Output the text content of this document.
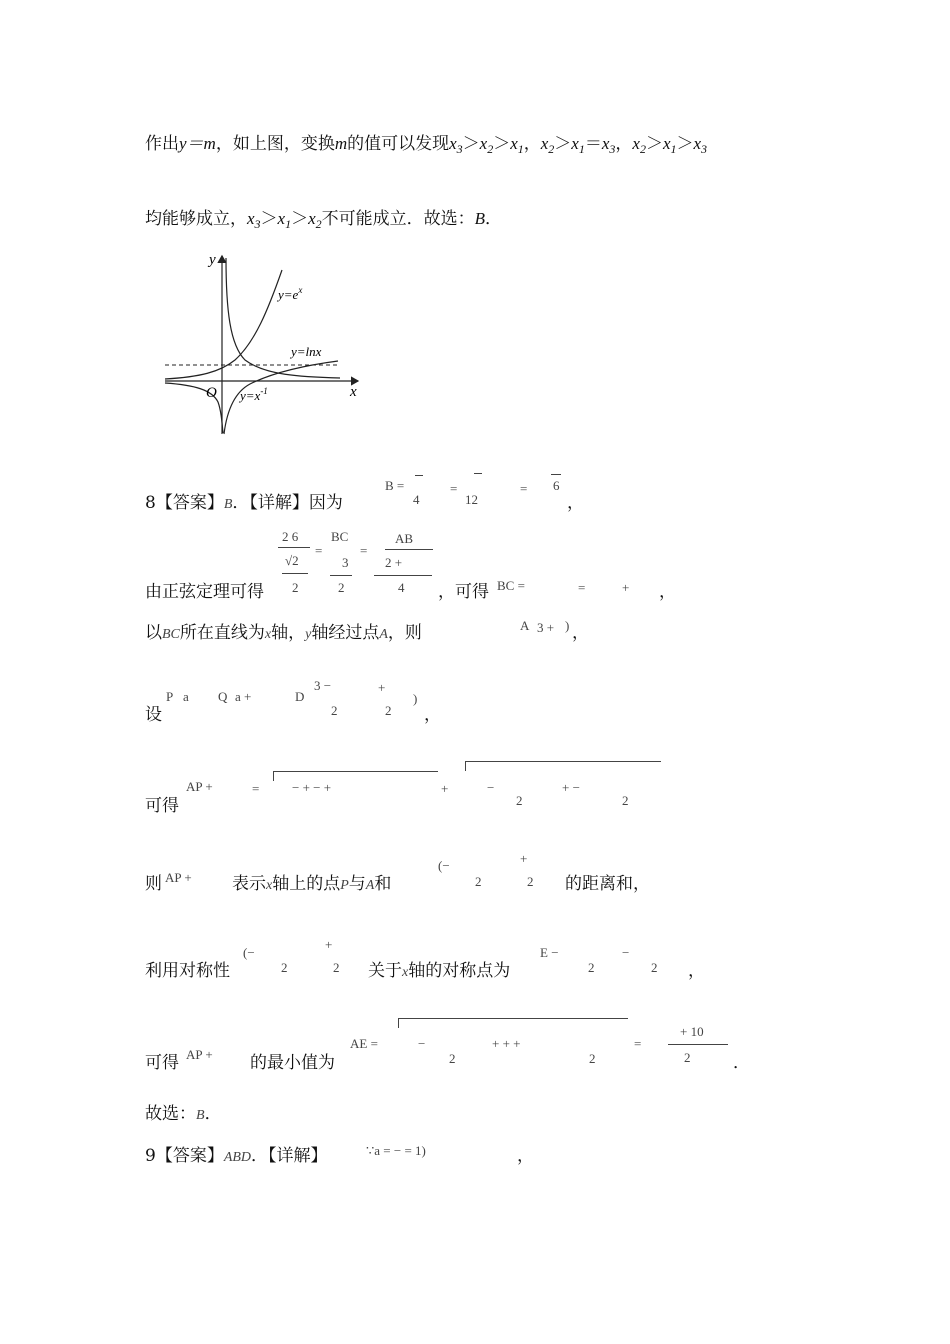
作出y＝m，如上图，变换m的值可以发现$x_3>x_2>x_1$，$x_2>x_1=x_3$，$x_2>x_1>x_3$
均能够成立，$x_3>x_1>x_2$不可能成立．故选：B．
y
x
O
$y=e^x$
y=lnx
$y=x^{-1}$
8【答案】B．【详解】因为
B =
4
=
12
= 6
，
2 6
√2
2
=
BC
3
2
=
AB
2 +
4
由正弦定理可得	，可得 BC =	=	+ ，
以BC所在直线为x轴，y轴经过点A，则	A 3 + ) ，
P a Q a +	D
3 −
2
+
2
)
设	，
可得
AP +	=	− + − +	+	−
2
+ −
2
则 AP + 表示x轴上的点P与A和
(−
2
+
2 的距离和，
利用对称性
(−
2
+
2 关于x轴的对称点为
E −
2
−
2 ，
可得 AP + 的最小值为
AE =	−
2
+ + +
2
=
+ 10
2	．
故选：B．
9【答案】ABD．【详解】	∵a = − = 1)	，
